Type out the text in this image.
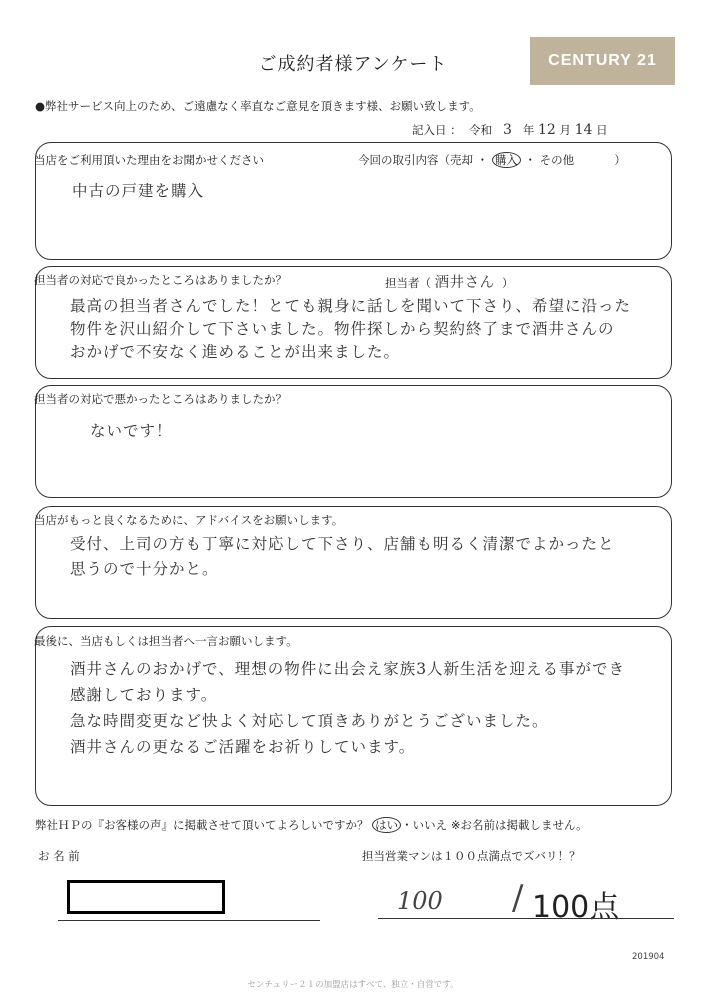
ご成約者様アンケート	CENTURY 21
●弊社サービス向上のため、ご遠慮なく率直なご意見を頂きます様、お願い致します。
記入日 ： 令和 3 年 12 月 14 日
当店をご利用頂いた理由をお聞かせください	今回の取引内容（売却 ・ 購入 ・ その他	）
中古の戸建を購入
担当者の対応で良かったところはありましたか？	担当者（ 酒井さん ）
最高の担当者さんでした！とても親身に話しを聞いて下さり、希望に沿った
物件を沢山紹介して下さいました。物件探しから契約終了まで酒井さんの
おかげで不安なく進めることが出来ました。
担当者の対応で悪かったところはありましたか？
ないです！
当店がもっと良くなるために、アドバイスをお願いします。
受付、上司の方も丁寧に対応して下さり、店舗も明るく清潔でよかったと
思うので十分かと。
最後に、当店もしくは担当者へ一言お願いします。
酒井さんのおかげで、理想の物件に出会え家族3人新生活を迎える事ができ
感謝しております。
急な時間変更など快よく対応して頂きありがとうございました。
酒井さんの更なるご活躍をお祈りしています。
弊社ＨＰの『お客様の声』に掲載させて頂いてよろしいですか？ はい ・いいえ ※お名前は掲載しません。
お 名 前	担当営業マンは１００点満点でズバリ！？
100 / 100点
201904
センチュリー２１の加盟店はすべて、独立・自営です。
